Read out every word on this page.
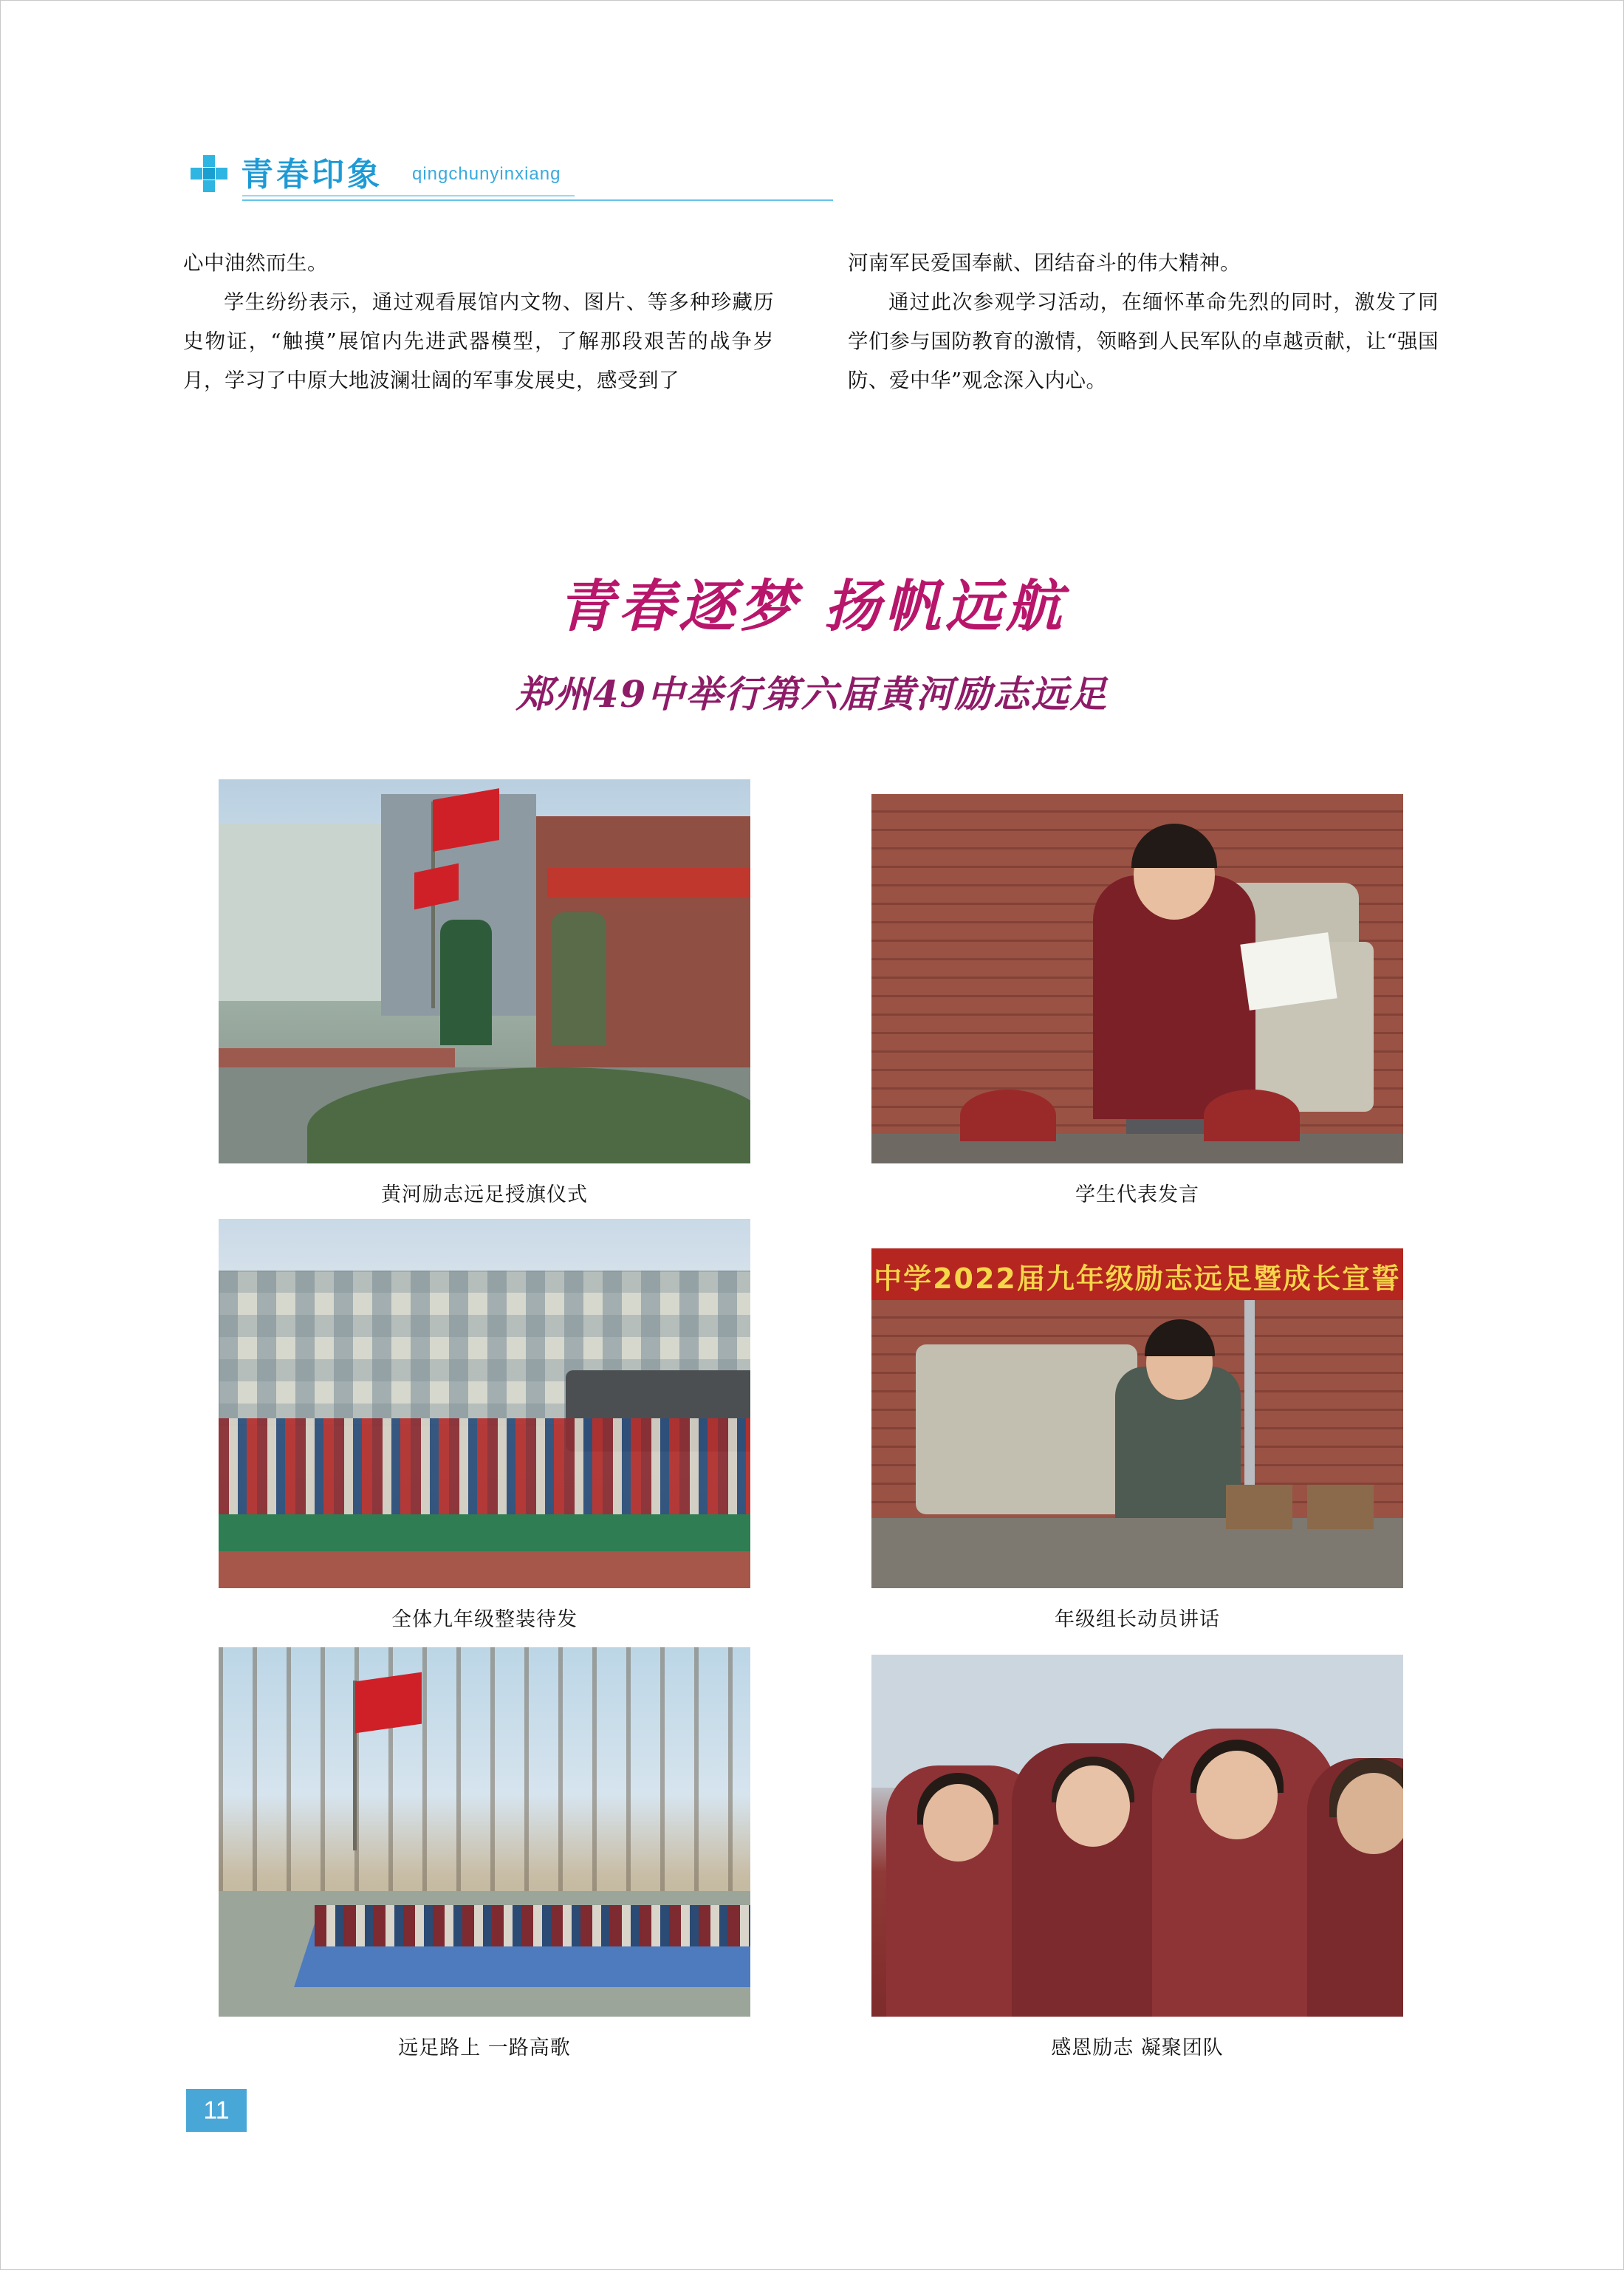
青春印象 qingchunyinxiang

心中油然而生。

学生纷纷表示，通过观看展馆内文物、图片、等多种珍藏历史物证，“触摸”展馆内先进武器模型，了解那段艰苦的战争岁月，学习了中原大地波澜壮阔的军事发展史，感受到了

河南军民爱国奉献、团结奋斗的伟大精神。

通过此次参观学习活动，在缅怀革命先烈的同时，激发了同学们参与国防教育的激情，领略到人民军队的卓越贡献，让“强国防、爱中华”观念深入内心。

青春逐梦 扬帆远航
郑州49中举行第六届黄河励志远足
黄河励志远足授旗仪式	学生代表发言
全体九年级整装待发
中学2022届九年级励志远足暨成长宣誓
年级组长动员讲话
远足路上 一路高歌	感恩励志 凝聚团队
11
